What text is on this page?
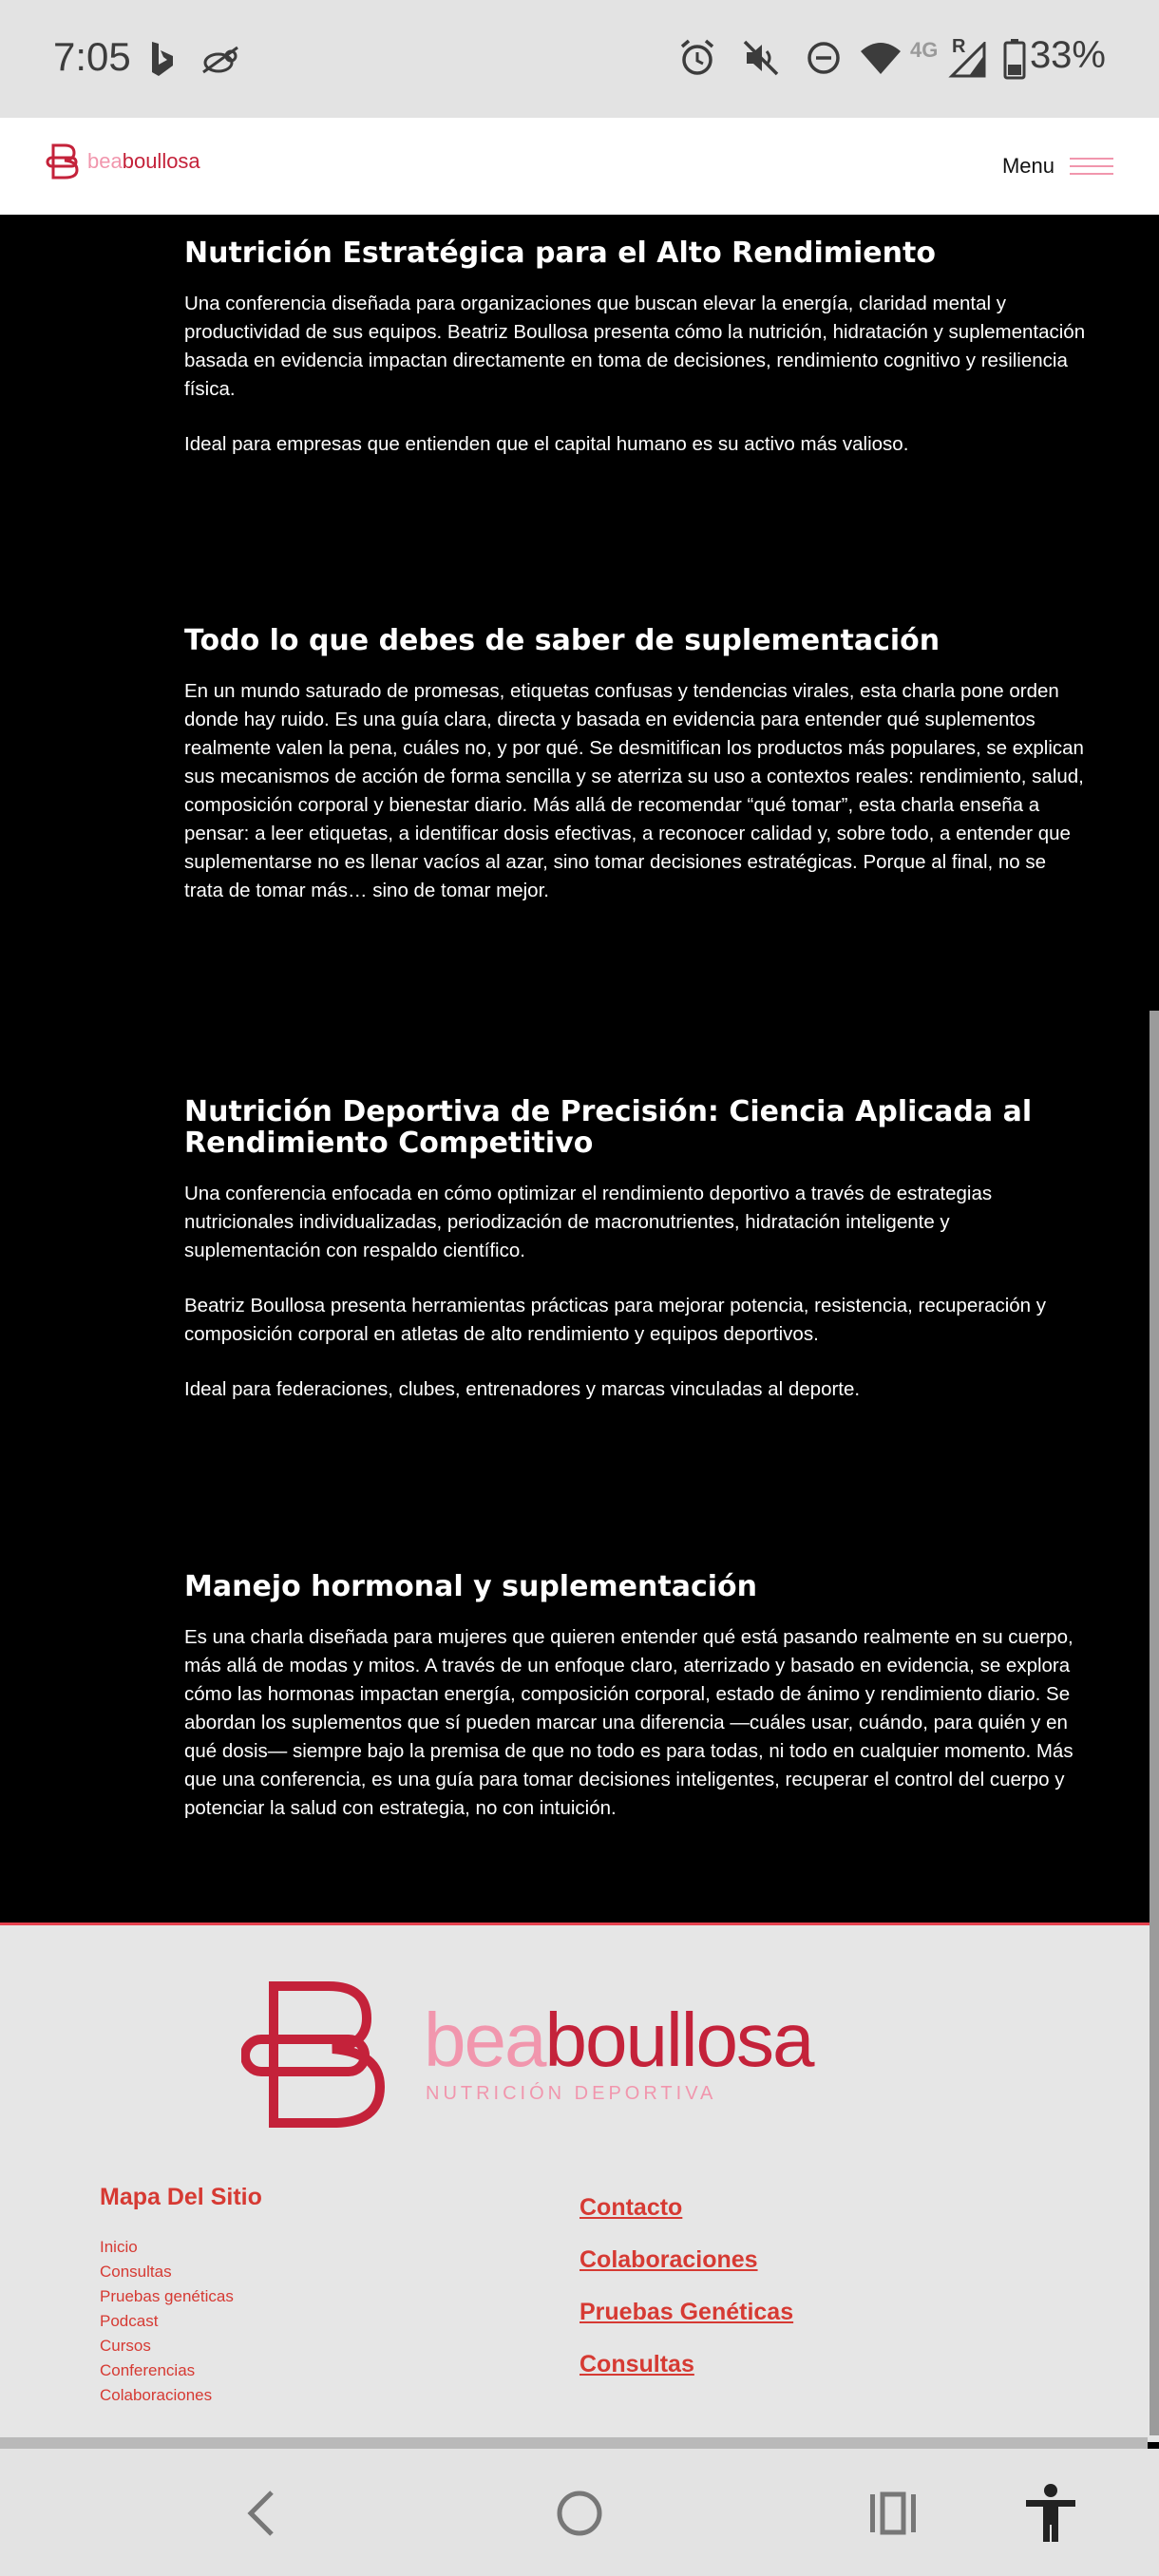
7:05	4G R 33%
beaboullosa	Menu
Nutrición Estratégica para el Alto Rendimiento

Una conferencia diseñada para organizaciones que buscan elevar la energía, claridad mental y productividad de sus equipos. Beatriz Boullosa presenta cómo la nutrición, hidratación y suplementación basada en evidencia impactan directamente en toma de decisiones, rendimiento cognitivo y resiliencia física.

Ideal para empresas que entienden que el capital humano es su activo más valioso.

Todo lo que debes de saber de suplementación

En un mundo saturado de promesas, etiquetas confusas y tendencias virales, esta charla pone orden donde hay ruido. Es una guía clara, directa y basada en evidencia para entender qué suplementos realmente valen la pena, cuáles no, y por qué. Se desmitifican los productos más populares, se explican sus mecanismos de acción de forma sencilla y se aterriza su uso a contextos reales: rendimiento, salud, composición corporal y bienestar diario. Más allá de recomendar “qué tomar”, esta charla enseña a pensar: a leer etiquetas, a identificar dosis efectivas, a reconocer calidad y, sobre todo, a entender que suplementarse no es llenar vacíos al azar, sino tomar decisiones estratégicas. Porque al final, no se trata de tomar más… sino de tomar mejor.

Nutrición Deportiva de Precisión: Ciencia Aplicada al Rendimiento Competitivo

Una conferencia enfocada en cómo optimizar el rendimiento deportivo a través de estrategias nutricionales individualizadas, periodización de macronutrientes, hidratación inteligente y suplementación con respaldo científico.

Beatriz Boullosa presenta herramientas prácticas para mejorar potencia, resistencia, recuperación y composición corporal en atletas de alto rendimiento y equipos deportivos.

Ideal para federaciones, clubes, entrenadores y marcas vinculadas al deporte.

Manejo hormonal y suplementación

Es una charla diseñada para mujeres que quieren entender qué está pasando realmente en su cuerpo, más allá de modas y mitos. A través de un enfoque claro, aterrizado y basado en evidencia, se explora cómo las hormonas impactan energía, composición corporal, estado de ánimo y rendimiento diario. Se abordan los suplementos que sí pueden marcar una diferencia —cuáles usar, cuándo, para quién y en qué dosis— siempre bajo la premisa de que no todo es para todas, ni todo en cualquier momento. Más que una conferencia, es una guía para tomar decisiones inteligentes, recuperar el control del cuerpo y potenciar la salud con estrategia, no con intuición.

beaboullosa
NUTRICIÓN DEPORTIVA
Mapa Del Sitio
Inicio
Consultas
Pruebas genéticas
Podcast
Cursos
Conferencias
Colaboraciones
Contacto
Colaboraciones
Pruebas Genéticas
Consultas
